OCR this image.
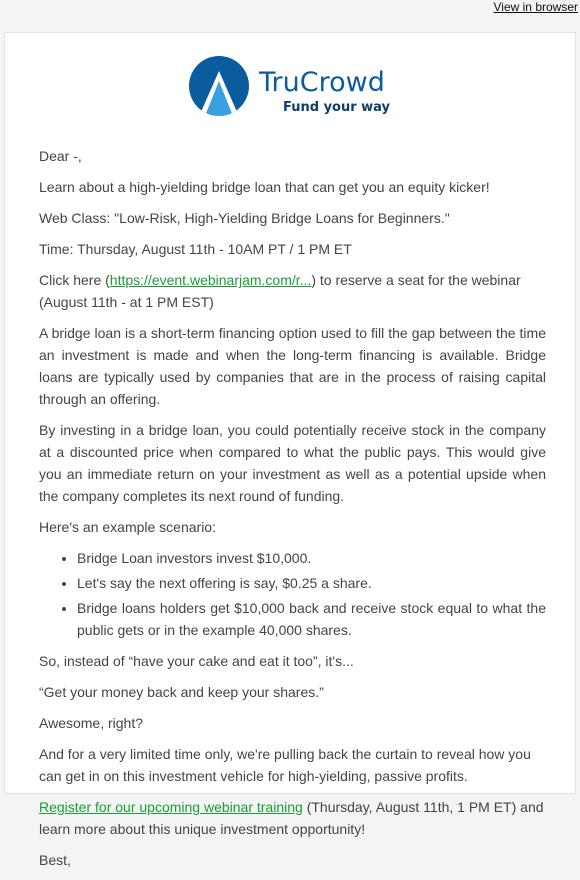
View in browser
TruCrowd
Fund your way

Dear -,

Learn about a high-yielding bridge loan that can get you an equity kicker!

Web Class: "Low-Risk, High-Yielding Bridge Loans for Beginners."

Time: Thursday, August 11th - 10AM PT / 1 PM ET

Click here (https://event.webinarjam.com/r...) to reserve a seat for the webinar (August 11th - at 1 PM EST)

A bridge loan is a short-term financing option used to fill the gap between the time an investment is made and when the long-term financing is available. Bridge loans are typically used by companies that are in the process of raising capital through an offering.

By investing in a bridge loan, you could potentially receive stock in the company at a discounted price when compared to what the public pays. This would give you an immediate return on your investment as well as a potential upside when the company completes its next round of funding.

Here's an example scenario:

• Bridge Loan investors invest $10,000.
• Let's say the next offering is say, $0.25 a share.
• Bridge loans holders get $10,000 back and receive stock equal to what the public gets or in the example 40,000 shares.

So, instead of “have your cake and eat it too”, it's...

“Get your money back and keep your shares.”

Awesome, right?

And for a very limited time only, we're pulling back the curtain to reveal how you can get in on this investment vehicle for high-yielding, passive profits.

Register for our upcoming webinar training (Thursday, August 11th, 1 PM ET) and learn more about this unique investment opportunity!

Best,
